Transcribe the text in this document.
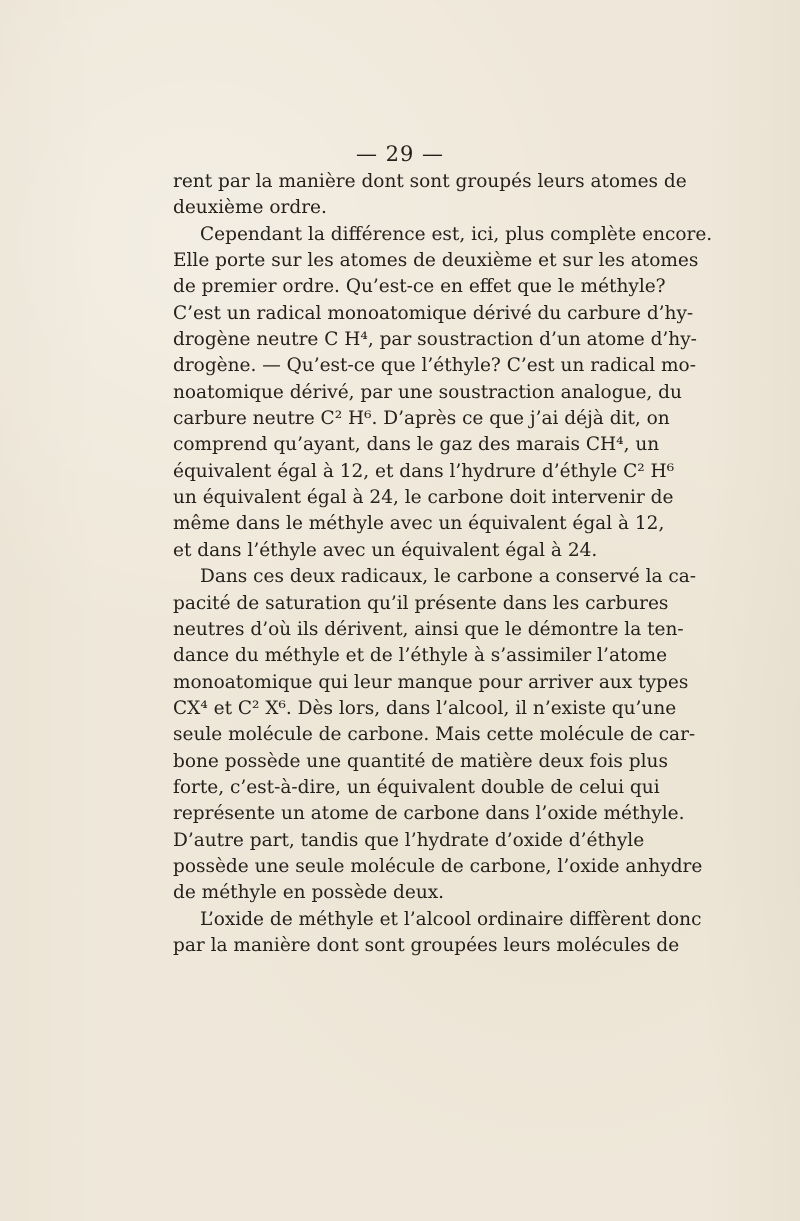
— 29 —
rent par la manière dont sont groupés leurs atomes de
deuxième ordre.
Cependant la différence est, ici, plus complète encore.
Elle porte sur les atomes de deuxième et sur les atomes
de premier ordre. Qu’est-ce en effet que le méthyle?
C’est un radical monoatomique dérivé du carbure d’hy-
drogène neutre C H⁴, par soustraction d’un atome d’hy-
drogène. — Qu’est-ce que l’éthyle? C’est un radical mo-
noatomique dérivé, par une soustraction analogue, du
carbure neutre C² H⁶. D’après ce que j’ai déjà dit, on
comprend qu’ayant, dans le gaz des marais CH⁴, un
équivalent égal à 12, et dans l’hydrure d’éthyle C² H⁶
un équivalent égal à 24, le carbone doit intervenir de
même dans le méthyle avec un équivalent égal à 12,
et dans l’éthyle avec un équivalent égal à 24.
Dans ces deux radicaux, le carbone a conservé la ca-
pacité de saturation qu’il présente dans les carbures
neutres d’où ils dérivent, ainsi que le démontre la ten-
dance du méthyle et de l’éthyle à s’assimiler l’atome
monoatomique qui leur manque pour arriver aux types
CX⁴ et C² X⁶. Dès lors, dans l’alcool, il n’existe qu’une
seule molécule de carbone. Mais cette molécule de car-
bone possède une quantité de matière deux fois plus
forte, c’est-à-dire, un équivalent double de celui qui
représente un atome de carbone dans l’oxide méthyle.
D’autre part, tandis que l’hydrate d’oxide d’éthyle
possède une seule molécule de carbone, l’oxide anhydre
de méthyle en possède deux.
L’oxide de méthyle et l’alcool ordinaire diffèrent donc
par la manière dont sont groupées leurs molécules de
